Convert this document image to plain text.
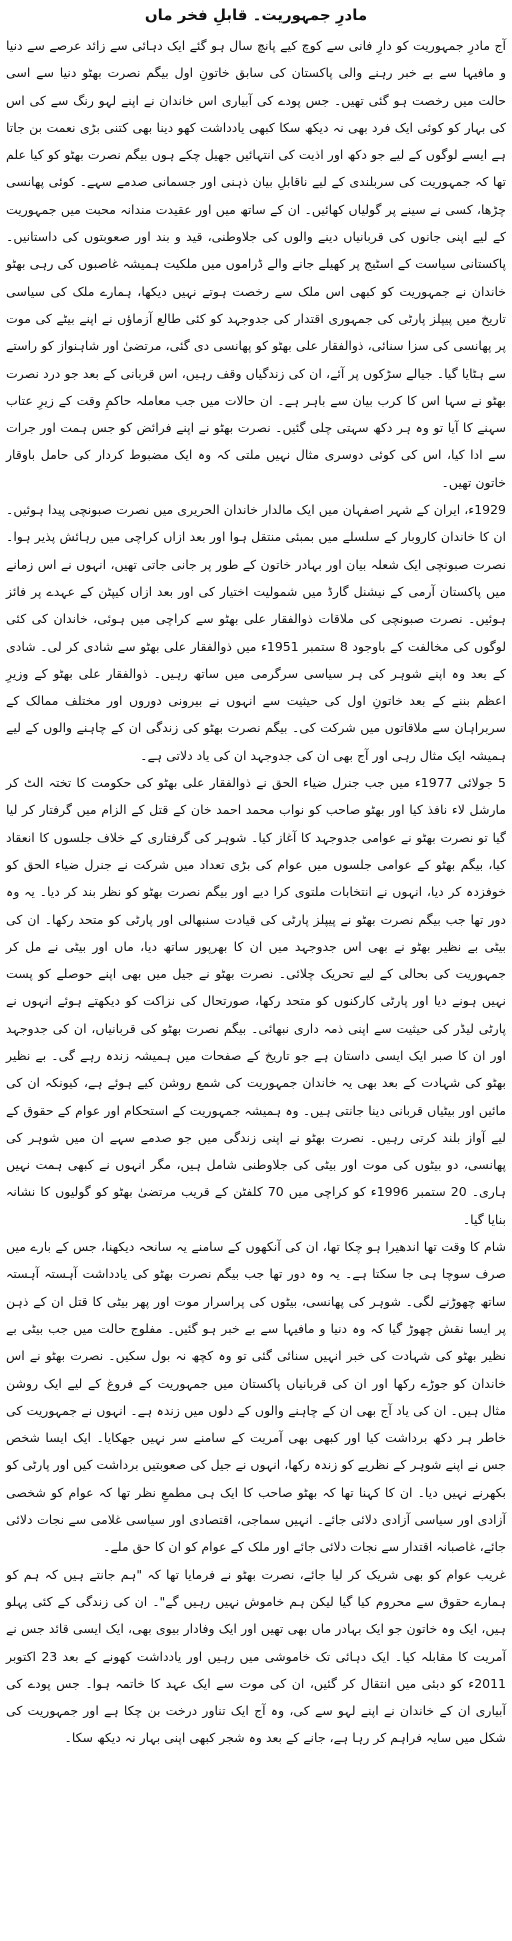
مادرِ جمہوریت۔ قابلِ فخر ماں

آج مادرِ جمہوریت کو دارِ فانی سے کوچ کیے پانچ سال ہو گئے ایک دہائی سے زائد عرصے سے دنیا و مافیہا سے بے خبر رہنے والی پاکستان کی سابق خاتونِ اول بیگم نصرت بھٹو دنیا سے اسی حالت میں رخصت ہو گئی تھیں۔ جس پودے کی آبیاری اس خاندان نے اپنے لہو رنگ سے کی اس کی بہار کو کوئی ایک فرد بھی نہ دیکھ سکا کبھی یادداشت کھو دینا بھی کتنی بڑی نعمت بن جاتا ہے ایسے لوگوں کے لیے جو دکھ اور اذیت کی انتہائیں جھیل چکے ہوں بیگم نصرت بھٹو کو کیا علم تھا کہ جمہوریت کی سربلندی کے لیے ناقابلِ بیان ذہنی اور جسمانی صدمے سہے۔ کوئی پھانسی چڑھا، کسی نے سینے پر گولیاں کھائیں۔ ان کے ساتھ میں اور عقیدت مندانہ محبت میں جمہوریت کے لیے اپنی جانوں کی قربانیاں دینے والوں کی جلاوطنی، قید و بند اور صعوبتوں کی داستانیں۔ پاکستانی سیاست کے اسٹیج پر کھیلے جانے والے ڈراموں میں ملکیت ہمیشہ غاصبوں کی رہی بھٹو خاندان نے جمہوریت کو کبھی اس ملک سے رخصت ہوتے نہیں دیکھا، ہمارے ملک کی سیاسی تاریخ میں پیپلز پارٹی کی جمہوری اقتدار کی جدوجہد کو کئی طالع آزماؤں نے اپنے بیٹے کی موت پر پھانسی کی سزا سنائی، ذوالفقار علی بھٹو کو پھانسی دی گئی، مرتضیٰ اور شاہنواز کو راستے سے ہٹایا گیا۔ جیالے سڑکوں پر آئے، ان کی زندگیاں وقف رہیں، اس قربانی کے بعد جو درد نصرت بھٹو نے سہا اس کا کرب بیان سے باہر ہے۔ ان حالات میں جب معاملہ حاکمِ وقت کے زیرِ عتاب سہنے کا آیا تو وہ ہر دکھ سہتی چلی گئیں۔ نصرت بھٹو نے اپنے فرائض کو جس ہمت اور جرات سے ادا کیا، اس کی کوئی دوسری مثال نہیں ملتی کہ وہ ایک مضبوط کردار کی حامل باوقار خاتون تھیں۔

1929ء، ایران کے شہر اصفہان میں ایک مالدار خاندان الحریری میں نصرت صبونچی پیدا ہوئیں۔ ان کا خاندان کاروبار کے سلسلے میں بمبئی منتقل ہوا اور بعد ازاں کراچی میں رہائش پذیر ہوا۔ نصرت صبونچی ایک شعلہ بیان اور بہادر خاتون کے طور پر جانی جاتی تھیں، انہوں نے اس زمانے میں پاکستان آرمی کے نیشنل گارڈ میں شمولیت اختیار کی اور بعد ازاں کیپٹن کے عہدے پر فائز ہوئیں۔ نصرت صبونچی کی ملاقات ذوالفقار علی بھٹو سے کراچی میں ہوئی، خاندان کی کئی لوگوں کی مخالفت کے باوجود 8 ستمبر 1951ء میں ذوالفقار علی بھٹو سے شادی کر لی۔ شادی کے بعد وہ اپنے شوہر کی ہر سیاسی سرگرمی میں ساتھ رہیں۔ ذوالفقار علی بھٹو کے وزیرِ اعظم بننے کے بعد خاتونِ اول کی حیثیت سے انہوں نے بیرونی دوروں اور مختلف ممالک کے سربراہان سے ملاقاتوں میں شرکت کی۔ بیگم نصرت بھٹو کی زندگی ان کے چاہنے والوں کے لیے ہمیشہ ایک مثال رہی اور آج بھی ان کی جدوجہد ان کی یاد دلاتی ہے۔

5 جولائی 1977ء میں جب جنرل ضیاء الحق نے ذوالفقار علی بھٹو کی حکومت کا تختہ الٹ کر مارشل لاء نافذ کیا اور بھٹو صاحب کو نواب محمد احمد خان کے قتل کے الزام میں گرفتار کر لیا گیا تو نصرت بھٹو نے عوامی جدوجہد کا آغاز کیا۔ شوہر کی گرفتاری کے خلاف جلسوں کا انعقاد کیا، بیگم بھٹو کے عوامی جلسوں میں عوام کی بڑی تعداد میں شرکت نے جنرل ضیاء الحق کو خوفزدہ کر دیا، انہوں نے انتخابات ملتوی کرا دیے اور بیگم نصرت بھٹو کو نظر بند کر دیا۔ یہ وہ دور تھا جب بیگم نصرت بھٹو نے پیپلز پارٹی کی قیادت سنبھالی اور پارٹی کو متحد رکھا۔ ان کی بیٹی بے نظیر بھٹو نے بھی اس جدوجہد میں ان کا بھرپور ساتھ دیا، ماں اور بیٹی نے مل کر جمہوریت کی بحالی کے لیے تحریک چلائی۔ نصرت بھٹو نے جیل میں بھی اپنے حوصلے کو پست نہیں ہونے دیا اور پارٹی کارکنوں کو متحد رکھا، صورتحال کی نزاکت کو دیکھتے ہوئے انہوں نے پارٹی لیڈر کی حیثیت سے اپنی ذمہ داری نبھائی۔ بیگم نصرت بھٹو کی قربانیاں، ان کی جدوجہد اور ان کا صبر ایک ایسی داستان ہے جو تاریخ کے صفحات میں ہمیشہ زندہ رہے گی۔ بے نظیر بھٹو کی شہادت کے بعد بھی یہ خاندان جمہوریت کی شمع روشن کیے ہوئے ہے، کیونکہ ان کی مائیں اور بیٹیاں قربانی دینا جانتی ہیں۔ وہ ہمیشہ جمہوریت کے استحکام اور عوام کے حقوق کے لیے آواز بلند کرتی رہیں۔ نصرت بھٹو نے اپنی زندگی میں جو صدمے سہے ان میں شوہر کی پھانسی، دو بیٹوں کی موت اور بیٹی کی جلاوطنی شامل ہیں، مگر انہوں نے کبھی ہمت نہیں ہاری۔ 20 ستمبر 1996ء کو کراچی میں 70 کلفٹن کے قریب مرتضیٰ بھٹو کو گولیوں کا نشانہ بنایا گیا۔

شام کا وقت تھا اندھیرا ہو چکا تھا، ان کی آنکھوں کے سامنے یہ سانحہ دیکھنا، جس کے بارے میں صرف سوچا ہی جا سکتا ہے۔ یہ وہ دور تھا جب بیگم نصرت بھٹو کی یادداشت آہستہ آہستہ ساتھ چھوڑنے لگی۔ شوہر کی پھانسی، بیٹوں کی پراسرار موت اور پھر بیٹی کا قتل ان کے ذہن پر ایسا نقش چھوڑ گیا کہ وہ دنیا و مافیہا سے بے خبر ہو گئیں۔ مفلوج حالت میں جب بیٹی بے نظیر بھٹو کی شہادت کی خبر انہیں سنائی گئی تو وہ کچھ نہ بول سکیں۔ نصرت بھٹو نے اس خاندان کو جوڑے رکھا اور ان کی قربانیاں پاکستان میں جمہوریت کے فروغ کے لیے ایک روشن مثال ہیں۔ ان کی یاد آج بھی ان کے چاہنے والوں کے دلوں میں زندہ ہے۔ انہوں نے جمہوریت کی خاطر ہر دکھ برداشت کیا اور کبھی بھی آمریت کے سامنے سر نہیں جھکایا۔ ایک ایسا شخص جس نے اپنے شوہر کے نظریے کو زندہ رکھا، انہوں نے جیل کی صعوبتیں برداشت کیں اور پارٹی کو بکھرنے نہیں دیا۔ ان کا کہنا تھا کہ بھٹو صاحب کا ایک ہی مطمعِ نظر تھا کہ عوام کو شخصی آزادی اور سیاسی آزادی دلائی جائے۔ انہیں سماجی، اقتصادی اور سیاسی غلامی سے نجات دلائی جائے، غاصبانہ اقتدار سے نجات دلائی جائے اور ملک کے عوام کو ان کا حق ملے۔

غریب عوام کو بھی شریک کر لیا جائے، نصرت بھٹو نے فرمایا تھا کہ "ہم جانتے ہیں کہ ہم کو ہمارے حقوق سے محروم کیا گیا لیکن ہم خاموش نہیں رہیں گے"۔ ان کی زندگی کے کئی پہلو ہیں، ایک وہ خاتون جو ایک بہادر ماں بھی تھیں اور ایک وفادار بیوی بھی، ایک ایسی قائد جس نے آمریت کا مقابلہ کیا۔ ایک دہائی تک خاموشی میں رہیں اور یادداشت کھونے کے بعد 23 اکتوبر 2011ء کو دبئی میں انتقال کر گئیں، ان کی موت سے ایک عہد کا خاتمہ ہوا۔ جس پودے کی آبیاری ان کے خاندان نے اپنے لہو سے کی، وہ آج ایک تناور درخت بن چکا ہے اور جمہوریت کی شکل میں سایہ فراہم کر رہا ہے، جانے کے بعد وہ شجر کبھی اپنی بہار نہ دیکھ سکا۔
